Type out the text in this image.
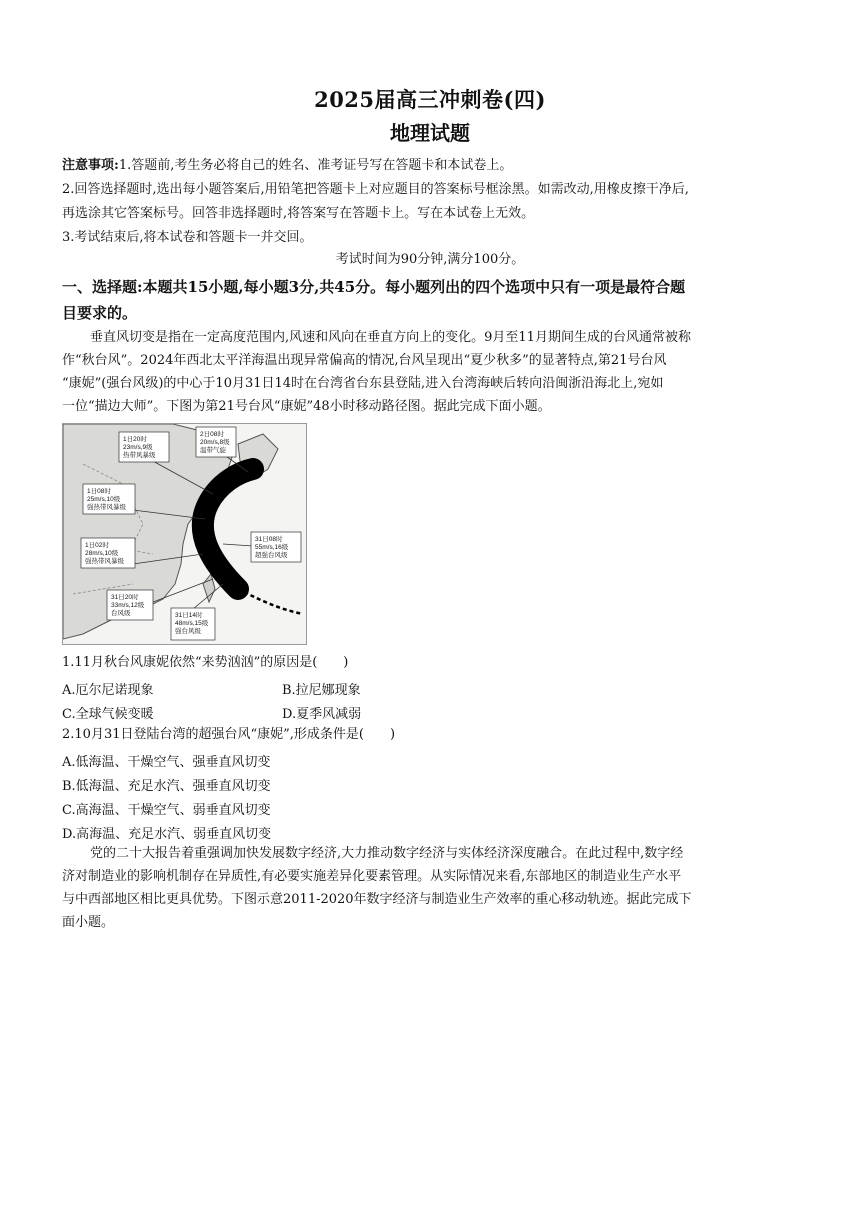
2025届高三冲刺卷(四)
地理试题
注意事项:1.答题前,考生务必将自己的姓名、准考证号写在答题卡和本试卷上。
2.回答选择题时,选出每小题答案后,用铅笔把答题卡上对应题目的答案标号框涂黑。如需改动,用橡皮擦干净后,
再选涂其它答案标号。回答非选择题时,将答案写在答题卡上。写在本试卷上无效。
3.考试结束后,将本试卷和答题卡一并交回。
考试时间为90分钟,满分100分。
一、选择题:本题共15小题,每小题3分,共45分。每小题列出的四个选项中只有一项是最符合题
目要求的。
垂直风切变是指在一定高度范围内,风速和风向在垂直方向上的变化。9月至11月期间生成的台风通常被称
作“秋台风”。2024年西北太平洋海温出现异常偏高的情况,台风呈现出“夏少秋多”的显著特点,第21号台风
“康妮”(强台风级)的中心于10月31日14时在台湾省台东县登陆,进入台湾海峡后转向沿闽浙沿海北上,宛如
一位“描边大师”。下图为第21号台风“康妮”48小时移动路径图。据此完成下面小题。
2日08时
20m/s,8级
温带气旋
1日20时
23m/s,9级
热带风暴级
1日08时
25m/s,10级
强热带风暴级
1日02时
28m/s,10级
强热带风暴级
31日08时
55m/s,16级
超强台风级
31日20时
33m/s,12级
台风级	31日14时
48m/s,15级
强台风级
1.11月秋台风康妮依然“来势汹汹”的原因是(　　)
A.厄尔尼诺现象	B.拉尼娜现象
C.全球气候变暖	D.夏季风减弱
2.10月31日登陆台湾的超强台风“康妮”,形成条件是(　　)
A.低海温、干燥空气、强垂直风切变
B.低海温、充足水汽、强垂直风切变
C.高海温、干燥空气、弱垂直风切变
D.高海温、充足水汽、弱垂直风切变
党的二十大报告着重强调加快发展数字经济,大力推动数字经济与实体经济深度融合。在此过程中,数字经
济对制造业的影响机制存在异质性,有必要实施差异化要素管理。从实际情况来看,东部地区的制造业生产水平
与中西部地区相比更具优势。下图示意2011-2020年数字经济与制造业生产效率的重心移动轨迹。据此完成下
面小题。
